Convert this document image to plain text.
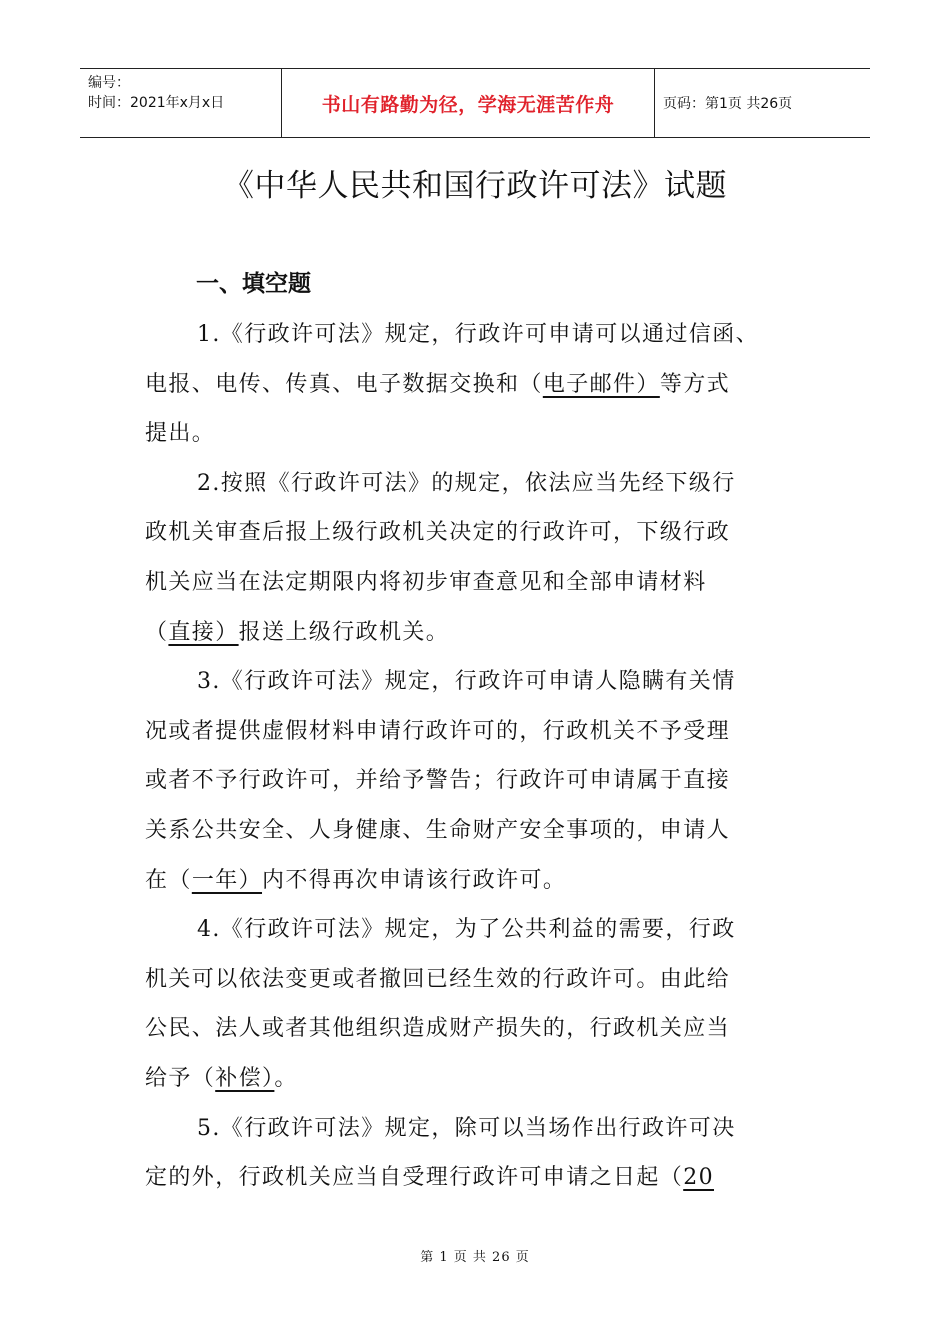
编号：
时间：2021年x月x日	书山有路勤为径，学海无涯苦作舟	页码：第1页 共26页
《中华人民共和国行政许可法》试题
一、填空题
1.《行政许可法》规定，行政许可申请可以通过信函、
电报、电传、传真、电子数据交换和（电子邮件）等方式
提出。
2.按照《行政许可法》的规定，依法应当先经下级行
政机关审查后报上级行政机关决定的行政许可，下级行政
机关应当在法定期限内将初步审查意见和全部申请材料
（直接）报送上级行政机关。
3.《行政许可法》规定，行政许可申请人隐瞒有关情
况或者提供虚假材料申请行政许可的，行政机关不予受理
或者不予行政许可，并给予警告；行政许可申请属于直接
关系公共安全、人身健康、生命财产安全事项的，申请人
在（一年）内不得再次申请该行政许可。
4.《行政许可法》规定，为了公共利益的需要，行政
机关可以依法变更或者撤回已经生效的行政许可。由此给
公民、法人或者其他组织造成财产损失的，行政机关应当
给予（补偿）。
5.《行政许可法》规定，除可以当场作出行政许可决
定的外，行政机关应当自受理行政许可申请之日起（20
第 1 页 共 26 页
